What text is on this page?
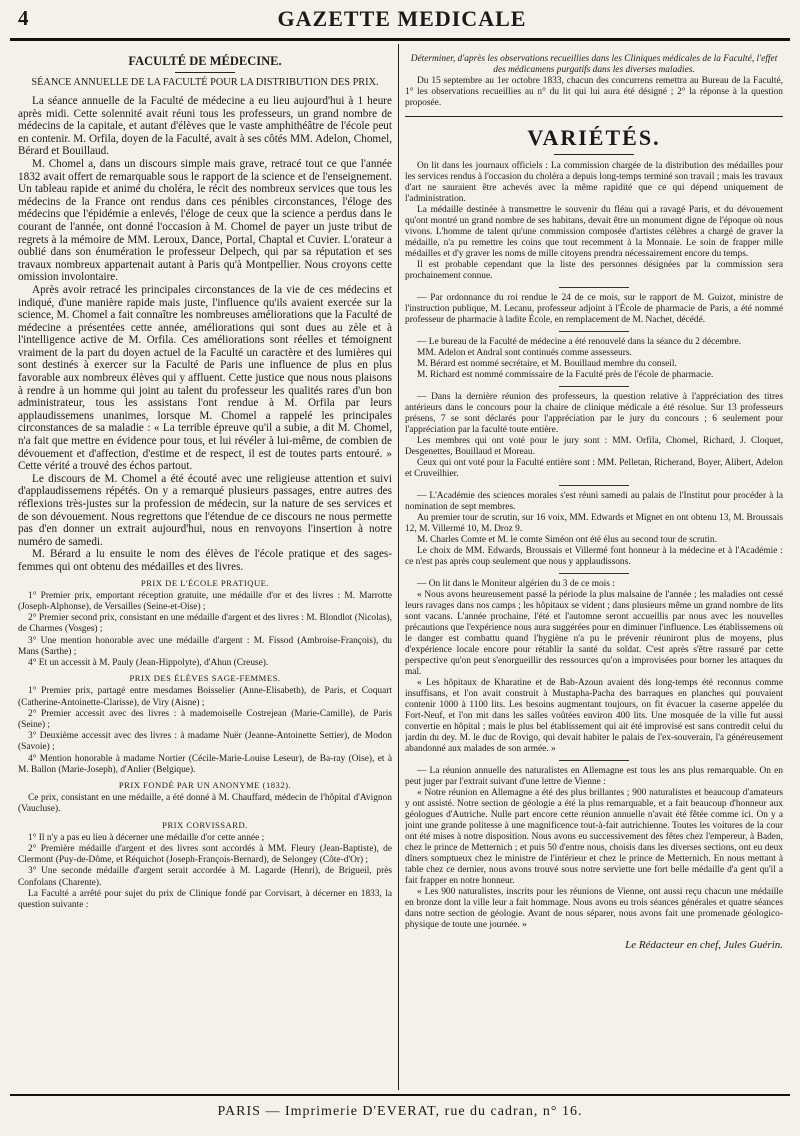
GAZETTE MEDICALE
4
FACULTÉ DE MÉDECINE.
SÉANCE ANNUELLE DE LA FACULTÉ POUR LA DISTRIBUTION DES PRIX.

La séance annuelle de la Faculté de médecine a eu lieu aujourd'hui à 1 heure après midi. Cette solennité avait réuni tous les professeurs, un grand nombre de médecins de la capitale, et autant d'élèves que le vaste amphithéâtre de l'école peut en contenir. M. Orfila, doyen de la Faculté, avait à ses côtés MM. Adelon, Chomel, Bérard et Bouillaud.

M. Chomel a, dans un discours simple mais grave, retracé tout ce que l'année 1832 avait offert de remarquable sous le rapport de la science et de l'enseignement. Un tableau rapide et animé du choléra, le récit des nombreux services que tous les médecins de la France ont rendus dans ces pénibles circonstances, l'éloge des médecins que l'épidémie a enlevés, l'éloge de ceux que la science a perdus dans le courant de l'année, ont donné l'occasion à M. Chomel de payer un juste tribut de regrets à la mémoire de MM. Leroux, Dance, Portal, Chaptal et Cuvier. L'orateur a oublié dans son énumération le professeur Delpech, qui par sa réputation et ses travaux nombreux appartenait autant à Paris qu'à Montpellier. Nous croyons cette omission involontaire.

Après avoir retracé les principales circonstances de la vie de ces médecins et indiqué, d'une manière rapide mais juste, l'influence qu'ils avaient exercée sur la science, M. Chomel a fait connaître les nombreuses améliorations que la Faculté de médecine a présentées cette année, améliorations qui sont dues au zèle et à l'intelligence active de M. Orfila. Ces améliorations sont réelles et témoignent vraiment de la part du doyen actuel de la Faculté un caractère et des lumières qui sont destinés à exercer sur la Faculté de Paris une influence de plus en plus favorable aux nombreux élèves qui y affluent. Cette justice que nous nous plaisons à rendre à un homme qui joint au talent du professeur les qualités rares d'un bon administrateur, tous les assistans l'ont rendue à M. Orfila par leurs applaudissemens unanimes, lorsque M. Chomel a rappelé les principales circonstances de sa maladie : « La terrible épreuve qu'il a subie, a dit M. Chomel, n'a fait que mettre en évidence pour tous, et lui révéler à lui-même, de combien de dévouement et d'affection, d'estime et de respect, il est de toutes parts entouré. » Cette vérité a trouvé des échos partout.

Le discours de M. Chomel a été écouté avec une religieuse attention et suivi d'applaudissemens répétés. On y a remarqué plusieurs passages, entre autres des réflexions très-justes sur la profession de médecin, sur la nature de ses services et de son dévouement. Nous regrettons que l'étendue de ce discours ne nous permette pas d'en donner un extrait aujourd'hui, nous en renvoyons l'insertion à notre numéro de samedi.

M. Bérard a lu ensuite le nom des élèves de l'école pratique et des sages-femmes qui ont obtenu des médailles et des livres.

PRIX DE L'ÉCOLE PRATIQUE.

1° Premier prix, emportant réception gratuite, une médaille d'or et des livres : M. Marrotte (Joseph-Alphonse), de Versailles (Seine-et-Oise) ;

2° Premier second prix, consistant en une médaille d'argent et des livres : M. Blondlot (Nicolas), de Charmes (Vosges) ;

3° Une mention honorable avec une médaille d'argent : M. Fissod (Ambroise-François), du Mans (Sarthe) ;

4° Et un accessit à M. Pauly (Jean-Hippolyte), d'Ahun (Creuse).

PRIX DES ÉLÈVES SAGE-FEMMES.

1° Premier prix, partagé entre mesdames Boisselier (Anne-Elisabeth), de Paris, et Coquart (Catherine-Antoinette-Clarisse), de Viry (Aisne) ;

2° Premier accessit avec des livres : à mademoiselle Costrejean (Marie-Camille), de Paris (Seine) ;

3° Deuxième accessit avec des livres : à madame Nuër (Jeanne-Antoinette Settier), de Modon (Savoie) ;

4° Mention honorable à madame Nortier (Cécile-Marie-Louise Leseur), de Ba-ray (Oise), et à M. Ballon (Marie-Joseph), d'Anlier (Belgique).

PRIX FONDÉ PAR UN ANONYME (1832).

Ce prix, consistant en une médaille, a été donné à M. Chauffard, médecin de l'hôpital d'Avignon (Vaucluse).

PRIX CORVISSARD.

1° Il n'y a pas eu lieu à décerner une médaille d'or cette année ;

2° Première médaille d'argent et des livres sont accordés à MM. Fleury (Jean-Baptiste), de Clermont (Puy-de-Dôme, et Réquichot (Joseph-François-Bernard), de Selongey (Côte-d'Or) ;

3° Une seconde médaille d'argent serait accordée à M. Lagarde (Henri), de Brigueil, près Confolans (Charente).

La Faculté a arrêté pour sujet du prix de Clinique fondé par Corvisart, à décerner en 1833, la question suivante :

Déterminer, d'après les observations recueillies dans les Cliniques médicales de la Faculté, l'effet des médicamens purgatifs dans les diverses maladies.

Du 15 septembre au 1er octobre 1833, chacun des concurrens remettra au Bureau de la Faculté, 1° les observations recueillies au n° du lit qui lui aura été désigné ; 2° la réponse à la question proposée.

VARIÉTÉS.

On lit dans les journaux officiels : La commission chargée de la distribution des médailles pour les services rendus à l'occasion du choléra a depuis long-temps terminé son travail ; mais les travaux d'art ne sauraient être achevés avec la même rapidité que ce qui dépend uniquement de l'administration.

La médaille destinée à transmettre le souvenir du fléau qui a ravagé Paris, et du dévouement qu'ont montré un grand nombre de ses habitans, devait être un monument digne de l'époque où nous vivons. L'homme de talent qu'une commission composée d'artistes célèbres a chargé de graver la médaille, n'a pu remettre les coins que tout recemment à la Monnaie. Le soin de frapper mille médailles et d'y graver les noms de mille citoyens prendra nécessairement encore du temps.

Il est probable cependant que la liste des personnes désignées par la commission sera prochainement connue.

— Par ordonnance du roi rendue le 24 de ce mois, sur le rapport de M. Guizot, ministre de l'instruction publique, M. Lecanu, professeur adjoint à l'École de pharmacie de Paris, a été nommé professeur de pharmacie à ladite École, en remplacement de M. Nachet, décédé.

— Le bureau de la Faculté de médecine a été renouvelé dans la séance du 2 décembre.

MM. Adelon et Andral sont continués comme assesseurs.

M. Bérard est nommé secrétaire, et M. Bouillaud membre du conseil.

M. Richard est nommé commissaire de la Faculté près de l'école de pharmacie.

— Dans la dernière réunion des professeurs, la question relative à l'appréciation des titres antérieurs dans le concours pour la chaire de clinique médicale a été résolue. Sur 13 professeurs présens, 7 se sont déclarés pour l'appréciation par le jury du concours ; 6 seulement pour l'appréciation par la faculté toute entière.

Les membres qui ont voté pour le jury sont : MM. Orfila, Chomel, Richard, J. Cloquet, Desgenettes, Bouillaud et Moreau.

Ceux qui ont voté pour la Faculté entière sont : MM. Pelletan, Richerand, Boyer, Alibert, Adelon et Cruveilhier.

— L'Académie des sciences morales s'est réuni samedi au palais de l'Institut pour procéder à la nomination de sept membres.

Au premier tour de scrutin, sur 16 voix, MM. Edwards et Mignet en ont obtenu 13, M. Broussais 12, M. Villermé 10, M. Droz 9.

M. Charles Comte et M. le comte Siméon ont été élus au second tour de scrutin.

Le choix de MM. Edwards, Broussais et Villermé font honneur à la médecine et à l'Académie : ce n'est pas après coup seulement que nous y applaudissons.

— On lit dans le Moniteur algérien du 3 de ce mois :

« Nous avons heureusement passé la période la plus malsaine de l'année ; les maladies ont cessé leurs ravages dans nos camps ; les hôpitaux se vident ; dans plusieurs même un grand nombre de lits sont vacans. L'année prochaine, l'été et l'automne seront accueillis par nous avec les nouvelles précautions que l'expérience nous aura suggérées pour en diminuer l'influence. Les établissemens où le danger est combattu quand l'hygiène n'a pu le prévenir réuniront plus de moyens, plus d'expérience locale encore pour rétablir la santé du soldat. C'est après s'être rassuré par cette perspective qu'on peut s'enorgueillir des ressources qu'on a improvisées pour borner les attaques du mal.

« Les hôpitaux de Kharatine et de Bab-Azoun avaient dès long-temps été reconnus comme insuffisans, et l'on avait construit à Mustapha-Pacha des barraques en planches qui pouvaient contenir 1000 à 1100 lits. Les besoins augmentant toujours, on fit évacuer la caserne appelée du Fort-Neuf, et l'on mit dans les salles voûtées environ 400 lits. Une mosquée de la ville fut aussi convertie en hôpital ; mais le plus bel établissement qui ait été improvisé est sans contredit celui du jardin du dey. M. le duc de Rovigo, qui devait habiter le palais de l'ex-souverain, l'a généreusement abandonné aux malades de son armée. »

— La réunion annuelle des naturalistes en Allemagne est tous les ans plus remarquable. On en peut juger par l'extrait suivant d'une lettre de Vienne :

« Notre réunion en Allemagne a été des plus brillantes ; 900 naturalistes et beaucoup d'amateurs y ont assisté. Notre section de géologie a été la plus remarquable, et a fait beaucoup d'honneur aux géologues d'Autriche. Nulle part encore cette réunion annuelle n'avait été fêtée comme ici. On y a joint une grande politesse à une magnificence tout-à-fait autrichienne. Toutes les voitures de la cour ont été mises à notre disposition. Nous avons eu successivement des fêtes chez l'empereur, à Baden, chez le prince de Metternich ; et puis 50 d'entre nous, choisis dans les diverses sections, ont eu deux dîners somptueux chez le ministre de l'intérieur et chez le prince de Metternich. En nous mettant à table chez ce dernier, nous avons trouvé sous notre serviette une fort belle médaille d'a gent qu'il a fait frapper en notre honneur.

« Les 900 naturalistes, inscrits pour les réunions de Vienne, ont aussi reçu chacun une médaille en bronze dont la ville leur a fait hommage. Nous avons eu trois séances générales et quatre séances dans notre section de géologie. Avant de nous séparer, nous avons fait une promenade géologico-physique de toute une journée. »

Le Rédacteur en chef, Jules Guérin.
PARIS — Imprimerie D'EVERAT, rue du cadran, n° 16.
